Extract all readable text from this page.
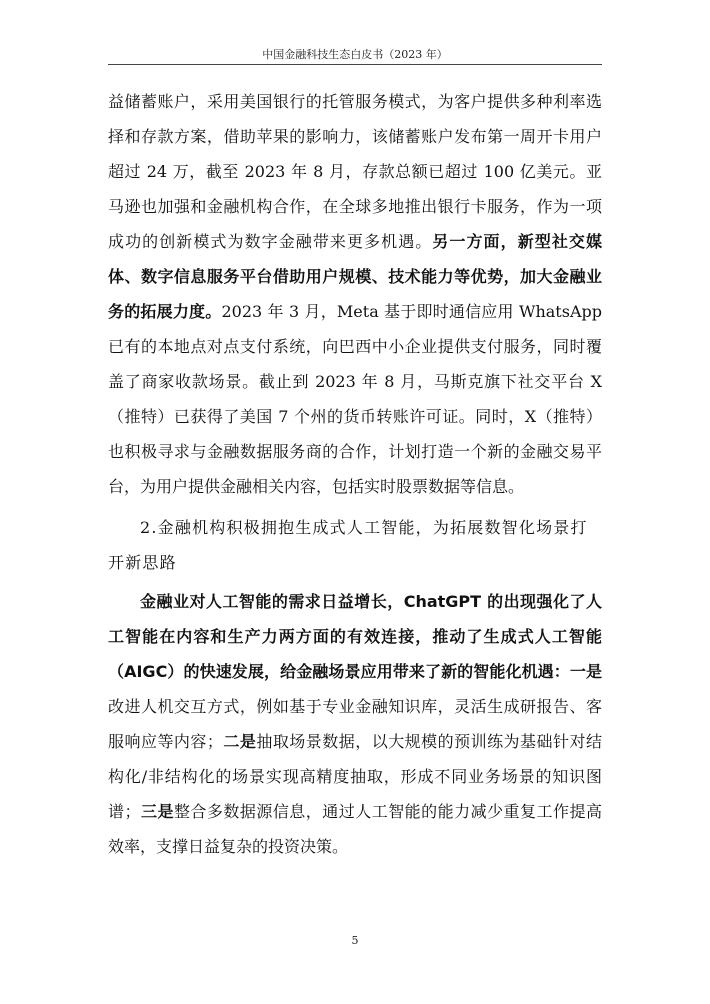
中国金融科技生态白皮书（2023 年）

益储蓄账户，采用美国银行的托管服务模式，为客户提供多种利率选择和存款方案，借助苹果的影响力，该储蓄账户发布第一周开卡用户超过 24 万，截至 2023 年 8 月，存款总额已超过 100 亿美元。亚马逊也加强和金融机构合作，在全球多地推出银行卡服务，作为一项成功的创新模式为数字金融带来更多机遇。另一方面，新型社交媒体、数字信息服务平台借助用户规模、技术能力等优势，加大金融业务的拓展力度。2023 年 3 月，Meta 基于即时通信应用 WhatsApp 已有的本地点对点支付系统，向巴西中小企业提供支付服务，同时覆盖了商家收款场景。截止到 2023 年 8 月，马斯克旗下社交平台 X（推特）已获得了美国 7 个州的货币转账许可证。同时，X（推特）也积极寻求与金融数据服务商的合作，计划打造一个新的金融交易平台，为用户提供金融相关内容，包括实时股票数据等信息。

2.金融机构积极拥抱生成式人工智能，为拓展数智化场景打开新思路

金融业对人工智能的需求日益增长，ChatGPT 的出现强化了人工智能在内容和生产力两方面的有效连接，推动了生成式人工智能（AIGC）的快速发展，给金融场景应用带来了新的智能化机遇：一是改进人机交互方式，例如基于专业金融知识库，灵活生成研报告、客服响应等内容；二是抽取场景数据，以大规模的预训练为基础针对结构化/非结构化的场景实现高精度抽取，形成不同业务场景的知识图谱；三是整合多数据源信息，通过人工智能的能力减少重复工作提高效率，支撑日益复杂的投资决策。

5
